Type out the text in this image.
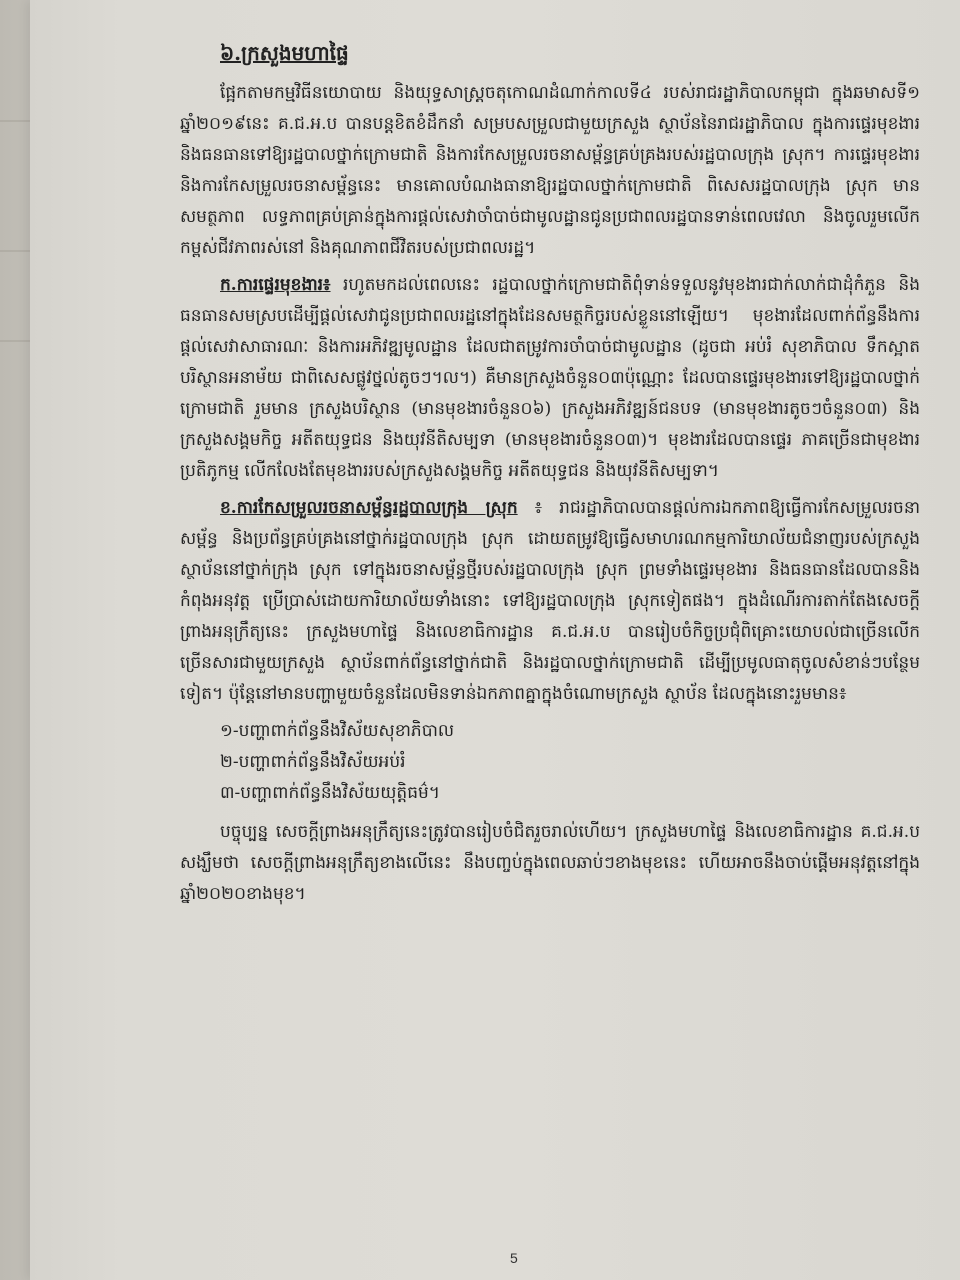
៦.ក្រសួងមហាផ្ទៃ

ផ្អែកតាមកម្មវិធីនយោបាយ និងយុទ្ធសាស្រ្តចតុកោណដំណាក់កាលទី៤ របស់រាជរដ្ឋាភិបាលកម្ពុជា ក្នុងឆមាសទី១ ឆ្នាំ២០១៩នេះ គ.ជ.អ.ប បានបន្តខិតខំដឹកនាំ សម្របសម្រួលជាមួយក្រសួង ស្ថាប័ននៃរាជរដ្ឋាភិបាល ក្នុងការផ្ទេរមុខងារ និងធនធានទៅឱ្យរដ្ឋបាលថ្នាក់ក្រោមជាតិ និងការកែសម្រួលរចនាសម្ព័ន្ធគ្រប់គ្រងរបស់រដ្ឋបាលក្រុង ស្រុក។ ការផ្ទេរមុខងារ និងការកែសម្រួលរចនាសម្ព័ន្ធនេះ មានគោលបំណងធានាឱ្យរដ្ឋបាលថ្នាក់ក្រោមជាតិ ពិសេសរដ្ឋបាលក្រុង ស្រុក មានសមត្ថភាព លទ្ធភាពគ្រប់គ្រាន់ក្នុងការផ្តល់សេវាចាំបាច់ជាមូលដ្ឋានជូនប្រជាពលរដ្ឋបានទាន់ពេលវេលា និងចូលរួមលើកកម្ពស់ជីវភាពរស់នៅ និងគុណភាពជីវិតរបស់ប្រជាពលរដ្ឋ។

ក.ការផ្ទេរមុខងារ៖ រហូតមកដល់ពេលនេះ រដ្ឋបាលថ្នាក់ក្រោមជាតិពុំទាន់ទទួលនូវមុខងារជាក់លាក់ជាដុំកំភួន និងធនធានសមស្របដើម្បីផ្តល់សេវាជូនប្រជាពលរដ្ឋនៅក្នុងដែនសមត្ថកិច្ចរបស់ខ្លួននៅឡើយ។ មុខងារដែលពាក់ព័ន្ធនឹងការផ្តល់សេវាសាធារណៈ និងការអភិវឌ្ឍមូលដ្ឋាន ដែលជាតម្រូវការចាំបាច់ជាមូលដ្ឋាន (ដូចជា អប់រំ សុខាភិបាល ទឹកស្អាត បរិស្ថានអនាម័យ ជាពិសេសផ្លូវថ្នល់តូចៗ។ល។) គឺមានក្រសួងចំនួន០៣ប៉ុណ្ណោះ ដែលបានផ្ទេរមុខងារទៅឱ្យរដ្ឋបាលថ្នាក់ក្រោមជាតិ រួមមាន ក្រសួងបរិស្ថាន (មានមុខងារចំនួន០៦) ក្រសួងអភិវឌ្ឍន៍ជនបទ (មានមុខងារតូចៗចំនួន០៣) និងក្រសួងសង្គមកិច្ច អតីតយុទ្ធជន និងយុវនីតិសម្បទា (មានមុខងារចំនួន០៣)។ មុខងារដែលបានផ្ទេរ ភាគច្រើនជាមុខងារប្រតិភូកម្ម លើកលែងតែមុខងាររបស់ក្រសួងសង្គមកិច្ច អតីតយុទ្ធជន និងយុវនីតិសម្បទា។

ខ.ការកែសម្រួលរចនាសម្ព័ន្ធរដ្ឋបាលក្រុង ស្រុក ៖ រាជរដ្ឋាភិបាលបានផ្តល់ការឯកភាពឱ្យធ្វើការកែសម្រួលរចនាសម្ព័ន្ធ និងប្រព័ន្ធគ្រប់គ្រងនៅថ្នាក់រដ្ឋបាលក្រុង ស្រុក ដោយតម្រូវឱ្យធ្វើសមាហរណកម្មការិយាល័យជំនាញរបស់ក្រសួង ស្ថាប័ននៅថ្នាក់ក្រុង ស្រុក ទៅក្នុងរចនាសម្ព័ន្ធថ្មីរបស់រដ្ឋបាលក្រុង ស្រុក ព្រមទាំងផ្ទេរមុខងារ និងធនធានដែលបាននិងកំពុងអនុវត្ត ប្រើប្រាស់ដោយការិយាល័យទាំងនោះ ទៅឱ្យរដ្ឋបាលក្រុង ស្រុកទៀតផង។ ក្នុងដំណើរការតាក់តែងសេចក្តីព្រាងអនុក្រឹត្យនេះ ក្រសួងមហាផ្ទៃ និងលេខាធិការដ្ឋាន គ.ជ.អ.ប បានរៀបចំកិច្ចប្រជុំពិគ្រោះយោបល់ជាច្រើនលើកច្រើនសារជាមួយក្រសួង ស្ថាប័នពាក់ព័ន្ធនៅថ្នាក់ជាតិ និងរដ្ឋបាលថ្នាក់ក្រោមជាតិ ដើម្បីប្រមូលធាតុចូលសំខាន់ៗបន្ថែមទៀត។ ប៉ុន្តែនៅមានបញ្ហាមួយចំនួនដែលមិនទាន់ឯកភាពគ្នាក្នុងចំណោមក្រសួង ស្ថាប័ន ដែលក្នុងនោះរួមមាន៖

១-បញ្ហាពាក់ព័ន្ធនឹងវិស័យសុខាភិបាល
២-បញ្ហាពាក់ព័ន្ធនឹងវិស័យអប់រំ
៣-បញ្ហាពាក់ព័ន្ធនឹងវិស័យយុត្តិធម៌។

បច្ចុប្បន្ន សេចក្តីព្រាងអនុក្រឹត្យនេះត្រូវបានរៀបចំជិតរួចរាល់ហើយ។ ក្រសួងមហាផ្ទៃ និងលេខាធិការដ្ឋាន គ.ជ.អ.ប សង្ឃឹមថា សេចក្តីព្រាងអនុក្រឹត្យខាងលើនេះ នឹងបញ្ចប់ក្នុងពេលឆាប់ៗខាងមុខនេះ ហើយអាចនឹងចាប់ផ្តើមអនុវត្តនៅក្នុងឆ្នាំ២០២០ខាងមុខ។

5
